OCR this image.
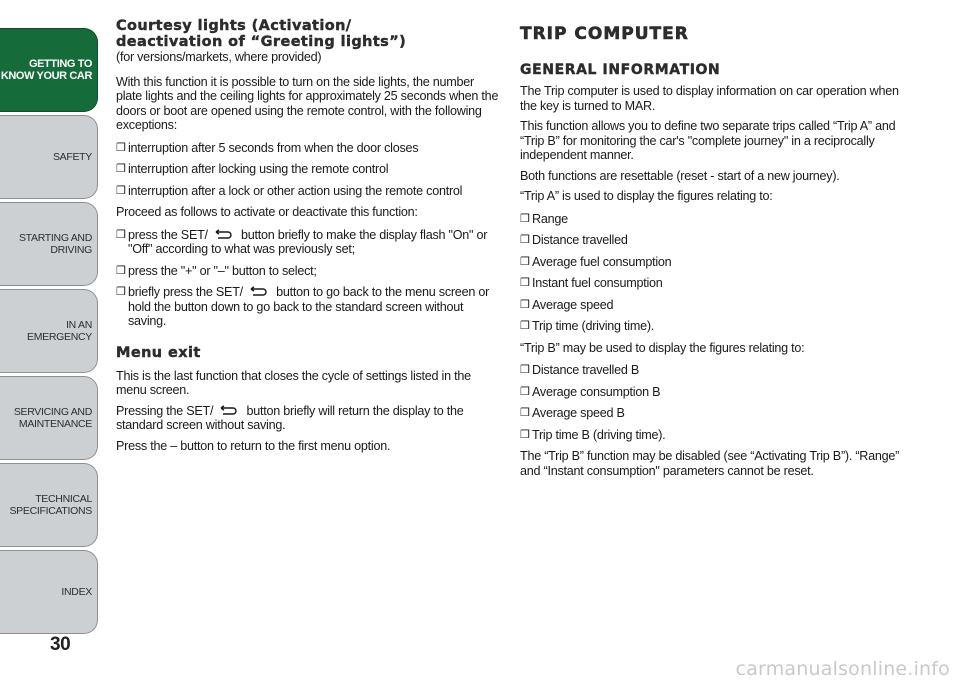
GETTING TO
KNOW YOUR CAR
SAFETY
STARTING AND
DRIVING
IN AN EMERGENCY
SERVICING AND
MAINTENANCE
TECHNICAL
SPECIFICATIONS
INDEX
30
Courtesy lights (Activation/
deactivation of “Greeting lights”)

(for versions/markets, where provided)

With this function it is possible to turn on the side lights, the number plate lights and the ceiling lights for approximately 25 seconds when the doors or boot are opened using the remote control, with the following exceptions:

❒ interruption after 5 seconds from when the door closes
❒ interruption after locking using the remote control
❒ interruption after a lock or other action using the remote control

Proceed as follows to activate or deactivate this function:

❒ press the SET/ button briefly to make the display flash "On" or "Off" according to what was previously set;
❒ press the "+" or "–" button to select;
❒ briefly press the SET/ button to go back to the menu screen or hold the button down to go back to the standard screen without saving.
Menu exit

This is the last function that closes the cycle of settings listed in the menu screen.

Pressing the SET/ button briefly will return the display to the standard screen without saving.

Press the – button to return to the first menu option.

TRIP COMPUTER
GENERAL INFORMATION

The Trip computer is used to display information on car operation when the key is turned to MAR.

This function allows you to define two separate trips called “Trip A” and “Trip B” for monitoring the car's "complete journey" in a reciprocally independent manner.

Both functions are resettable (reset - start of a new journey).

“Trip A” is used to display the figures relating to:

❒ Range
❒ Distance travelled
❒ Average fuel consumption
❒ Instant fuel consumption
❒ Average speed
❒ Trip time (driving time).

“Trip B” may be used to display the figures relating to:

❒ Distance travelled B
❒ Average consumption B
❒ Average speed B
❒ Trip time B (driving time).

The “Trip B” function may be disabled (see “Activating Trip B”). “Range” and “Instant consumption" parameters cannot be reset.

carmanualsonline.info
